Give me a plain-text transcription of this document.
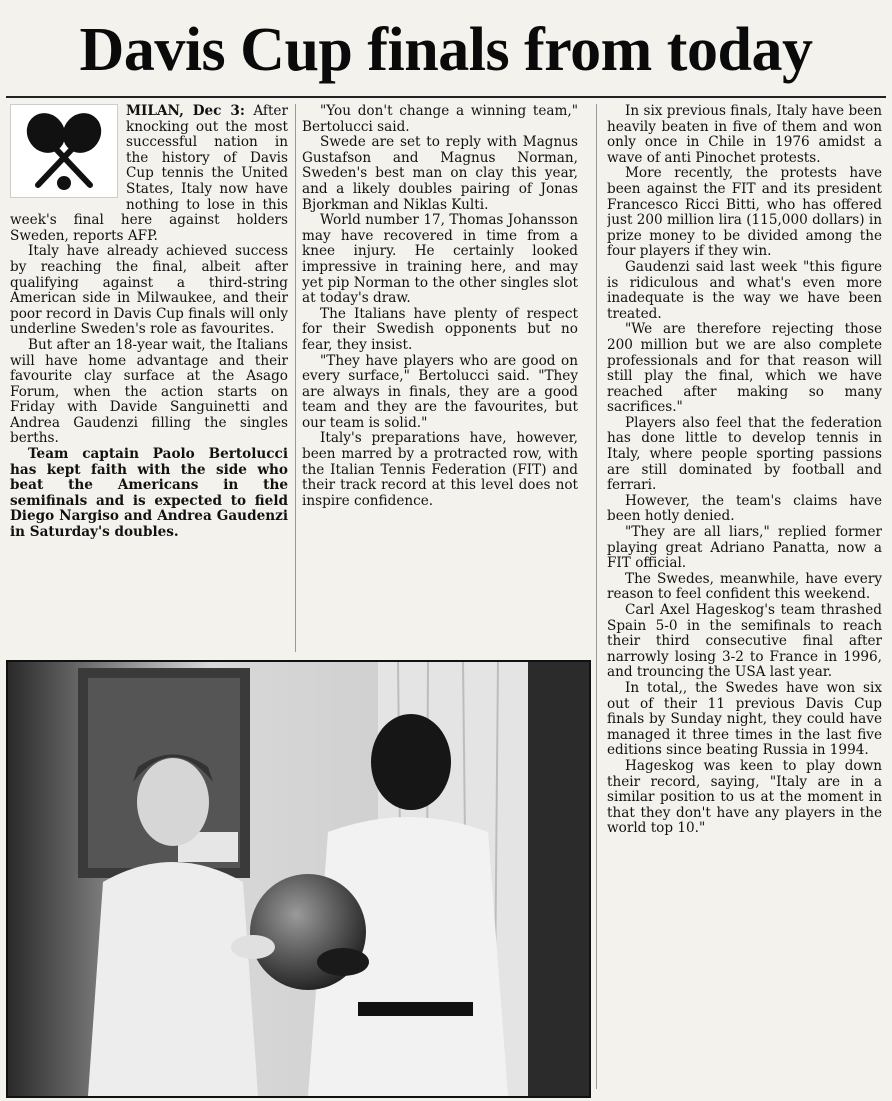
Davis Cup finals from today

MILAN, Dec 3: After knocking out the most successful nation in the history of Davis Cup tennis the United States, Italy now have nothing to lose in this week's final here against holders Sweden, reports AFP.

Italy have already achieved success by reaching the final, albeit after qualifying against a third-string American side in Milwaukee, and their poor record in Davis Cup finals will only underline Sweden's role as favourites.

But after an 18-year wait, the Italians will have home advantage and their favourite clay surface at the Asago Forum, when the action starts on Friday with Davide Sanguinetti and Andrea Gaudenzi filling the singles berths.

Team captain Paolo Bertolucci has kept faith with the side who beat the Americans in the semifinals and is expected to field Diego Nargiso and Andrea Gaudenzi in Saturday's doubles.

"You don't change a winning team," Bertolucci said.

Swede are set to reply with Magnus Gustafson and Magnus Norman, Sweden's best man on clay this year, and a likely doubles pairing of Jonas Bjorkman and Niklas Kulti.

World number 17, Thomas Johansson may have recovered in time from a knee injury. He certainly looked impressive in training here, and may yet pip Norman to the other singles slot at today's draw.

The Italians have plenty of respect for their Swedish opponents but no fear, they insist.

"They have players who are good on every surface," Bertolucci said. "They are always in finals, they are a good team and they are the favourites, but our team is solid."

Italy's preparations have, however, been marred by a protracted row, with the Italian Tennis Federation (FIT) and their track record at this level does not inspire confidence.

In six previous finals, Italy have been heavily beaten in five of them and won only once in Chile in 1976 amidst a wave of anti Pinochet protests.

More recently, the protests have been against the FIT and its president Francesco Ricci Bitti, who has offered just 200 million lira (115,000 dollars) in prize money to be divided among the four players if they win.

Gaudenzi said last week "this figure is ridiculous and what's even more inadequate is the way we have been treated.

"We are therefore rejecting those 200 million but we are also complete professionals and for that reason will still play the final, which we have reached after making so many sacrifices."

Players also feel that the federation has done little to develop tennis in Italy, where people sporting passions are still dominated by football and ferrari.

However, the team's claims have been hotly denied.

"They are all liars," replied former playing great Adriano Panatta, now a FIT official.

The Swedes, meanwhile, have every reason to feel confident this weekend.

Carl Axel Hageskog's team thrashed Spain 5-0 in the semifinals to reach their third consecutive final after narrowly losing 3-2 to France in 1996, and trouncing the USA last year.

In total,, the Swedes have won six out of their 11 previous Davis Cup finals by Sunday night, they could have managed it three times in the last five editions since beating Russia in 1994.

Hageskog was keen to play down their record, saying, "Italy are in a similar position to us at the moment in that they don't have any players in the world top 10."
